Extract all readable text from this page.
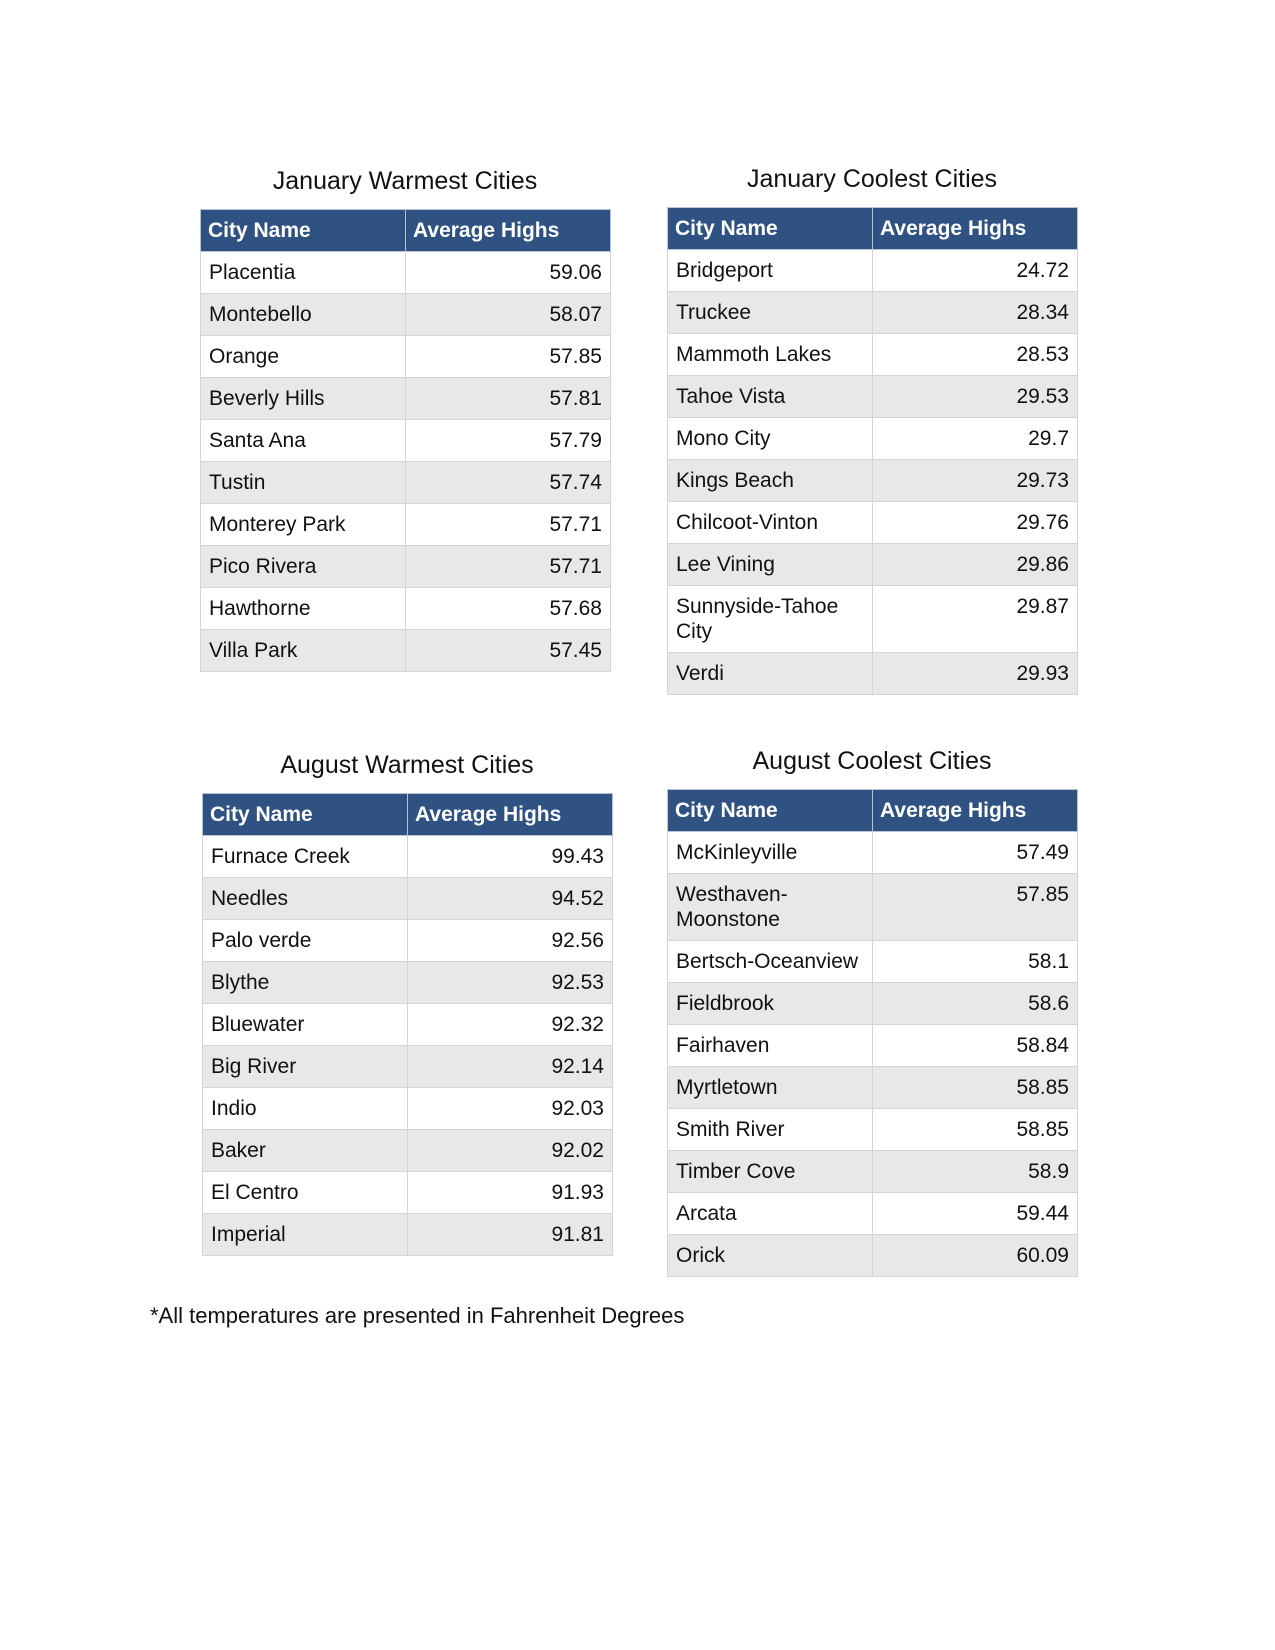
January Warmest Cities
City Name	Average Highs
Placentia	59.06
Montebello	58.07
Orange	57.85
Beverly Hills	57.81
Santa Ana	57.79
Tustin	57.74
Monterey Park	57.71
Pico Rivera	57.71
Hawthorne	57.68
Villa Park	57.45
January Coolest Cities
City Name	Average Highs
Bridgeport	24.72
Truckee	28.34
Mammoth Lakes	28.53
Tahoe Vista	29.53
Mono City	29.7
Kings Beach	29.73
Chilcoot-Vinton	29.76
Lee Vining	29.86
Sunnyside-Tahoe City	29.87
Verdi	29.93
August Warmest Cities
City Name	Average Highs
Furnace Creek	99.43
Needles	94.52
Palo verde	92.56
Blythe	92.53
Bluewater	92.32
Big River	92.14
Indio	92.03
Baker	92.02
El Centro	91.93
Imperial	91.81
August Coolest Cities
City Name	Average Highs
McKinleyville	57.49
Westhaven-Moonstone	57.85
Bertsch-Oceanview	58.1
Fieldbrook	58.6
Fairhaven	58.84
Myrtletown	58.85
Smith River	58.85
Timber Cove	58.9
Arcata	59.44
Orick	60.09
*All temperatures are presented in Fahrenheit Degrees
